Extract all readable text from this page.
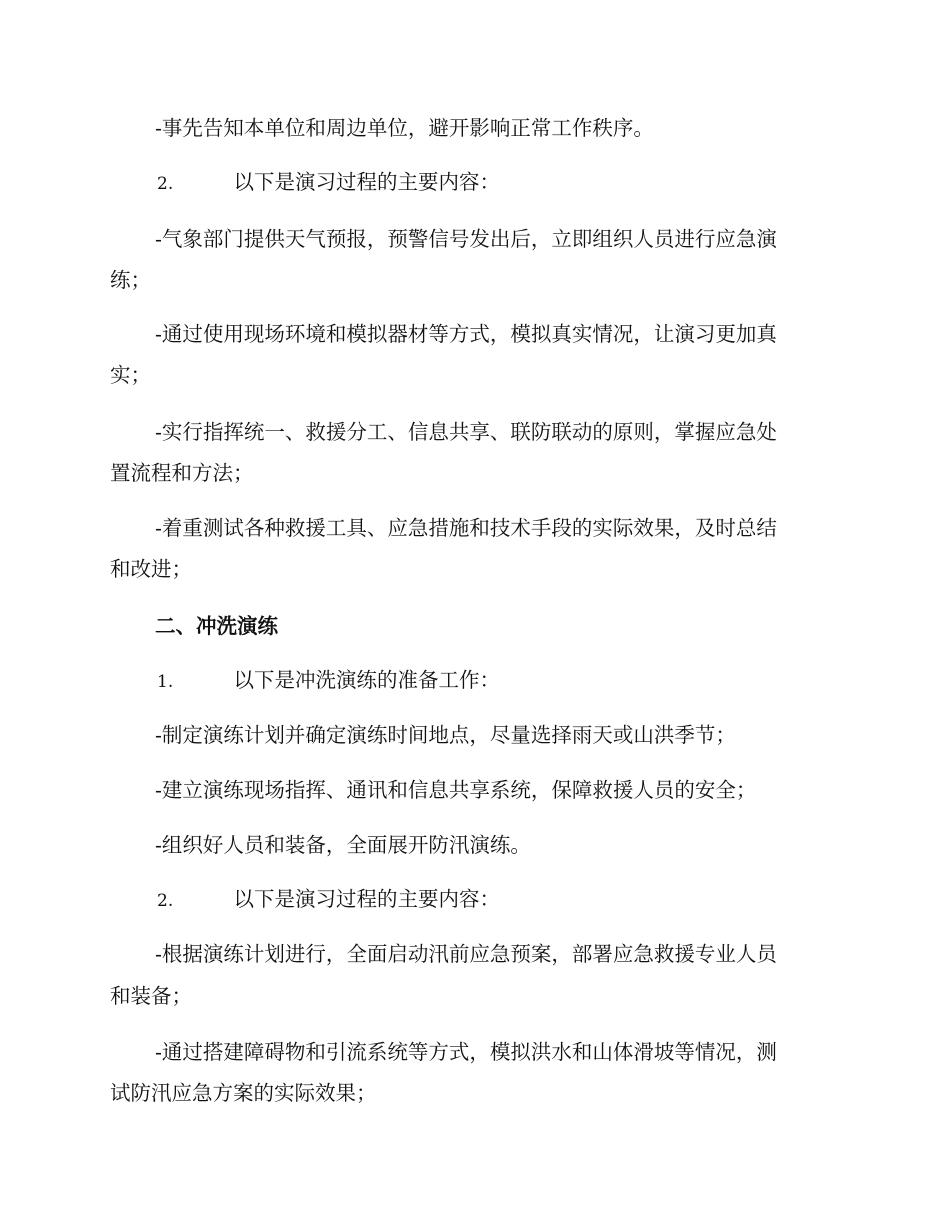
-事先告知本单位和周边单位，避开影响正常工作秩序。
2.	以下是演习过程的主要内容：
-气象部门提供天气预报，预警信号发出后，立即组织人员进行应急演
练；
-通过使用现场环境和模拟器材等方式，模拟真实情况，让演习更加真
实；
-实行指挥统一、救援分工、信息共享、联防联动的原则，掌握应急处
置流程和方法；
-着重测试各种救援工具、应急措施和技术手段的实际效果，及时总结
和改进；
二、冲洗演练
1.	以下是冲洗演练的准备工作：
-制定演练计划并确定演练时间地点，尽量选择雨天或山洪季节；
-建立演练现场指挥、通讯和信息共享系统，保障救援人员的安全；
-组织好人员和装备，全面展开防汛演练。
2.	以下是演习过程的主要内容：
-根据演练计划进行，全面启动汛前应急预案，部署应急救援专业人员
和装备；
-通过搭建障碍物和引流系统等方式，模拟洪水和山体滑坡等情况，测
试防汛应急方案的实际效果；
